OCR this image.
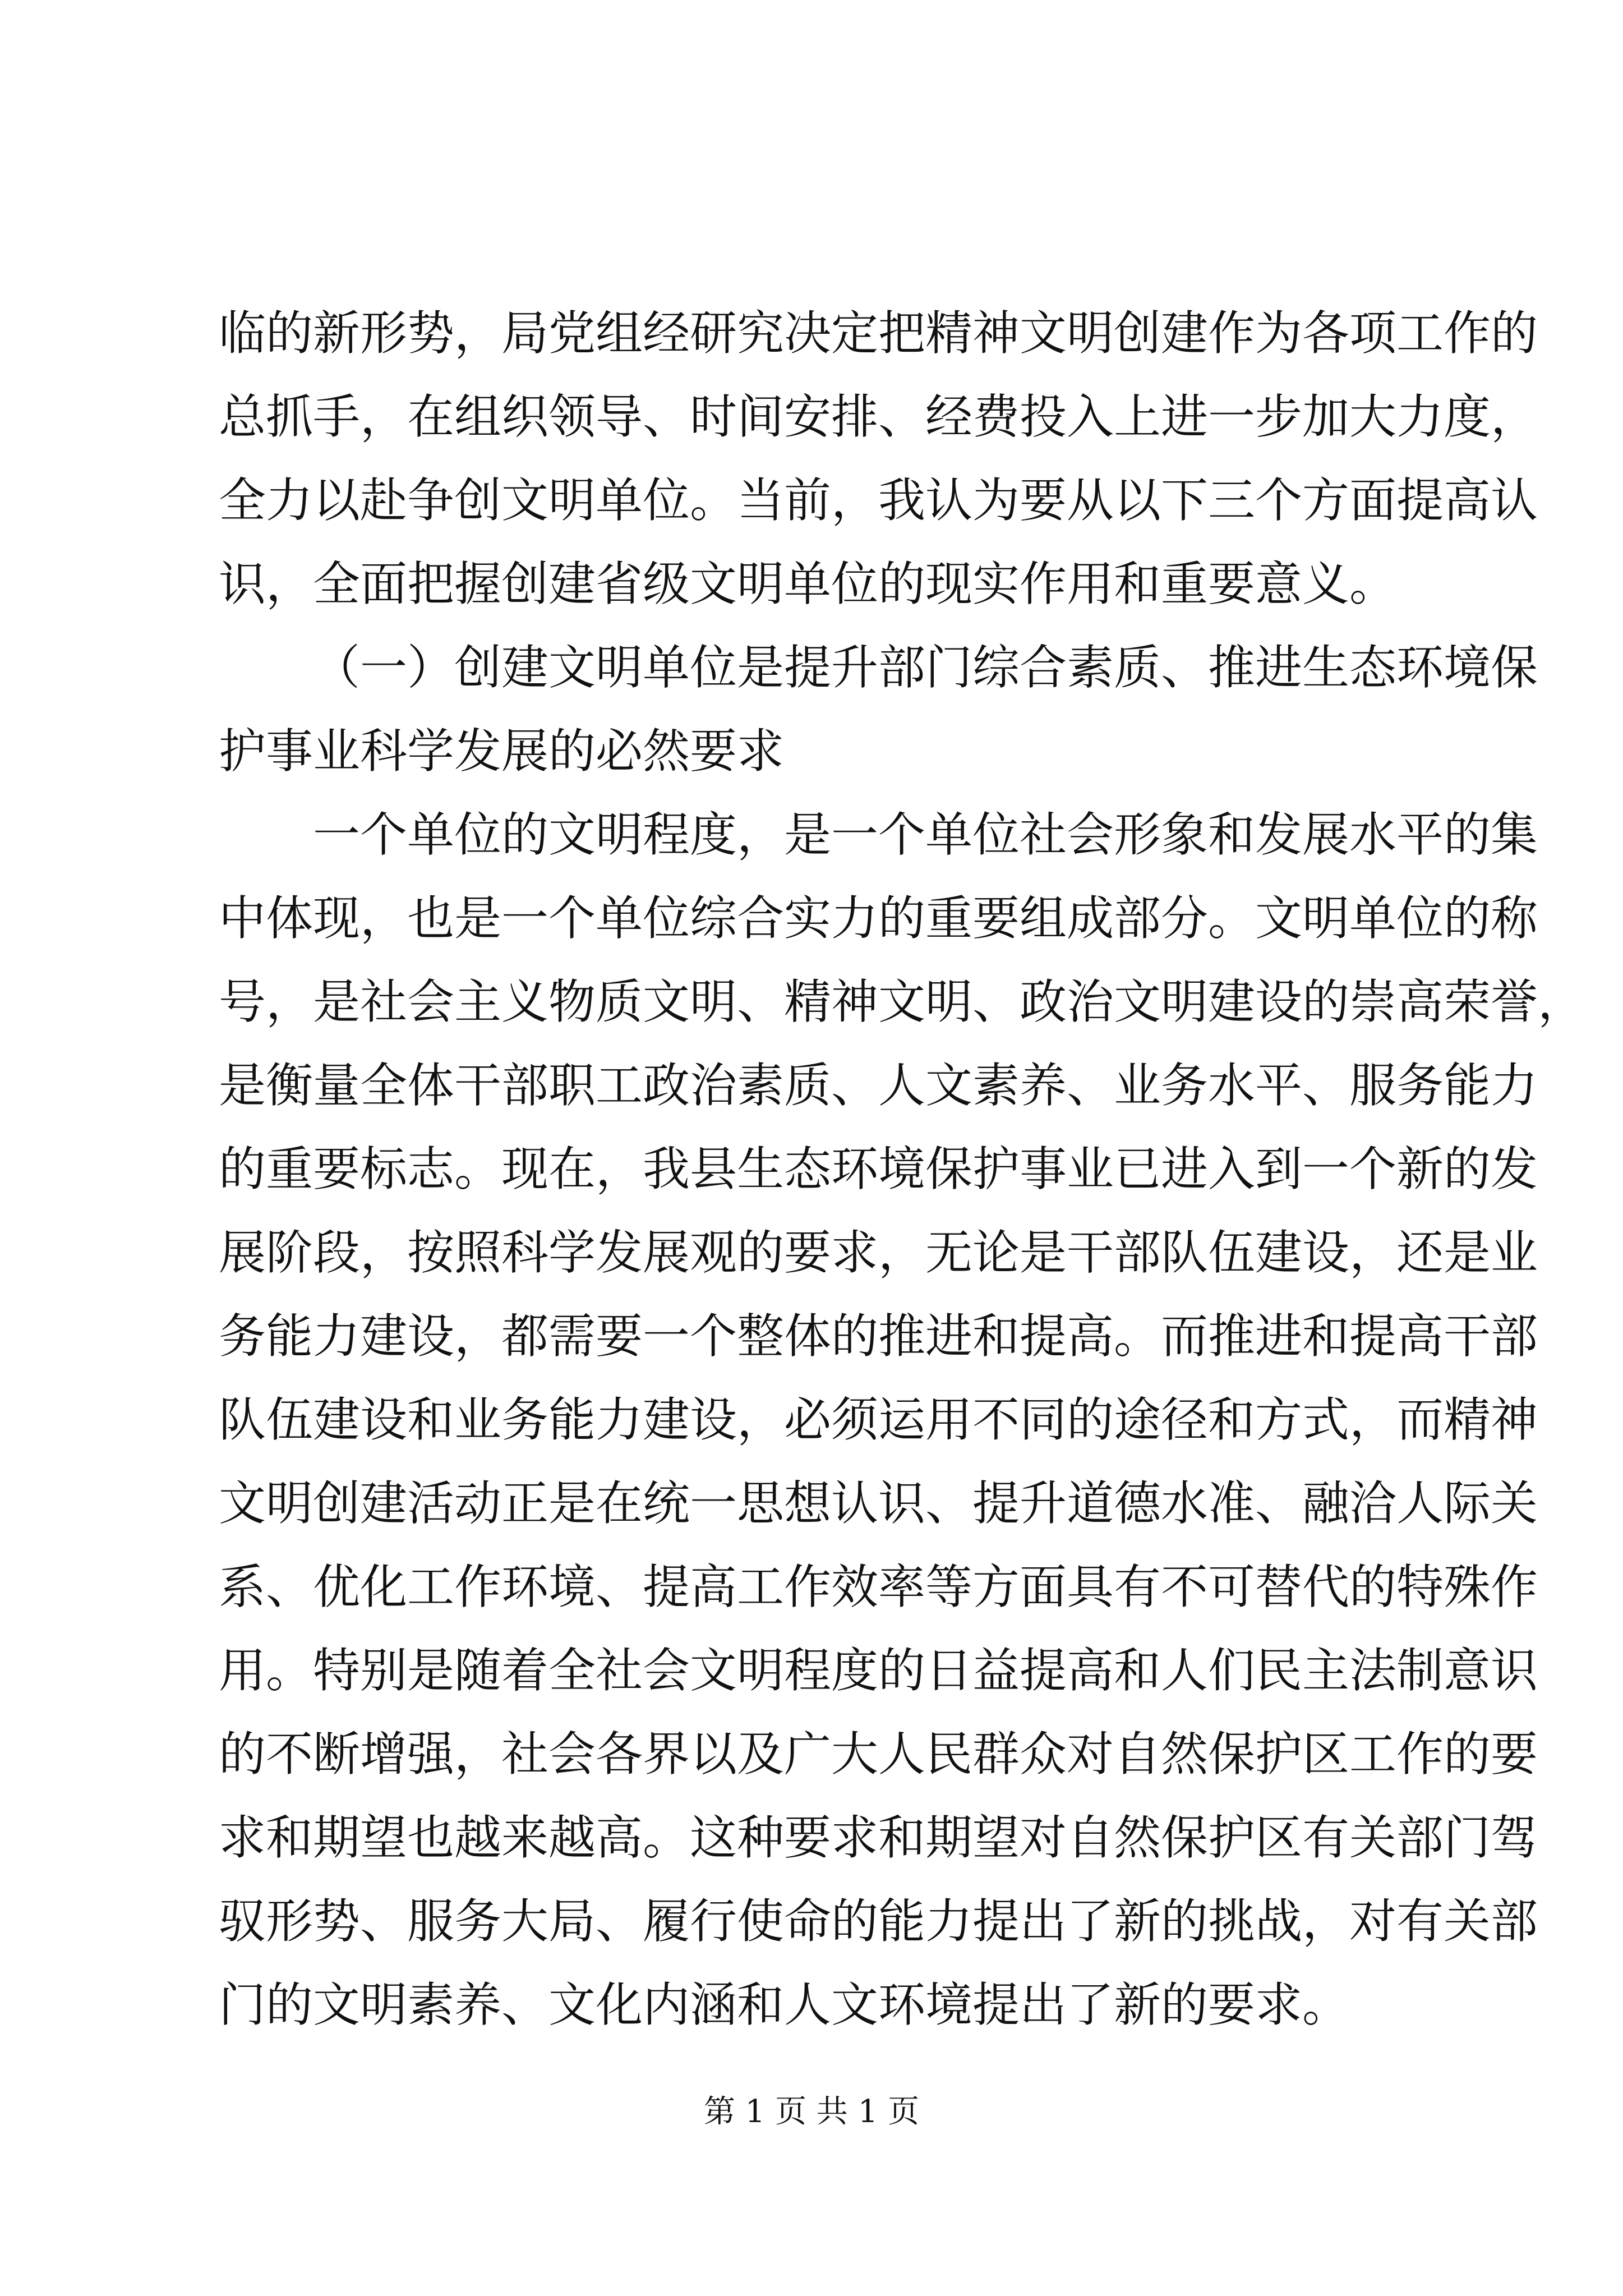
临的新形势，局党组经研究决定把精神文明创建作为各项工作的
总抓手，在组织领导、时间安排、经费投入上进一步加大力度，
全力以赴争创文明单位。当前，我认为要从以下三个方面提高认
识，全面把握创建省级文明单位的现实作用和重要意义。
（一）创建文明单位是提升部门综合素质、推进生态环境保
护事业科学发展的必然要求
一个单位的文明程度，是一个单位社会形象和发展水平的集
中体现，也是一个单位综合实力的重要组成部分。文明单位的称
号，是社会主义物质文明、精神文明、政治文明建设的崇高荣誉，
是衡量全体干部职工政治素质、人文素养、业务水平、服务能力
的重要标志。现在，我县生态环境保护事业已进入到一个新的发
展阶段，按照科学发展观的要求，无论是干部队伍建设，还是业
务能力建设，都需要一个整体的推进和提高。而推进和提高干部
队伍建设和业务能力建设，必须运用不同的途径和方式，而精神
文明创建活动正是在统一思想认识、提升道德水准、融洽人际关
系、优化工作环境、提高工作效率等方面具有不可替代的特殊作
用。特别是随着全社会文明程度的日益提高和人们民主法制意识
的不断增强，社会各界以及广大人民群众对自然保护区工作的要
求和期望也越来越高。这种要求和期望对自然保护区有关部门驾
驭形势、服务大局、履行使命的能力提出了新的挑战，对有关部
门的文明素养、文化内涵和人文环境提出了新的要求。
第 1 页 共 1 页
